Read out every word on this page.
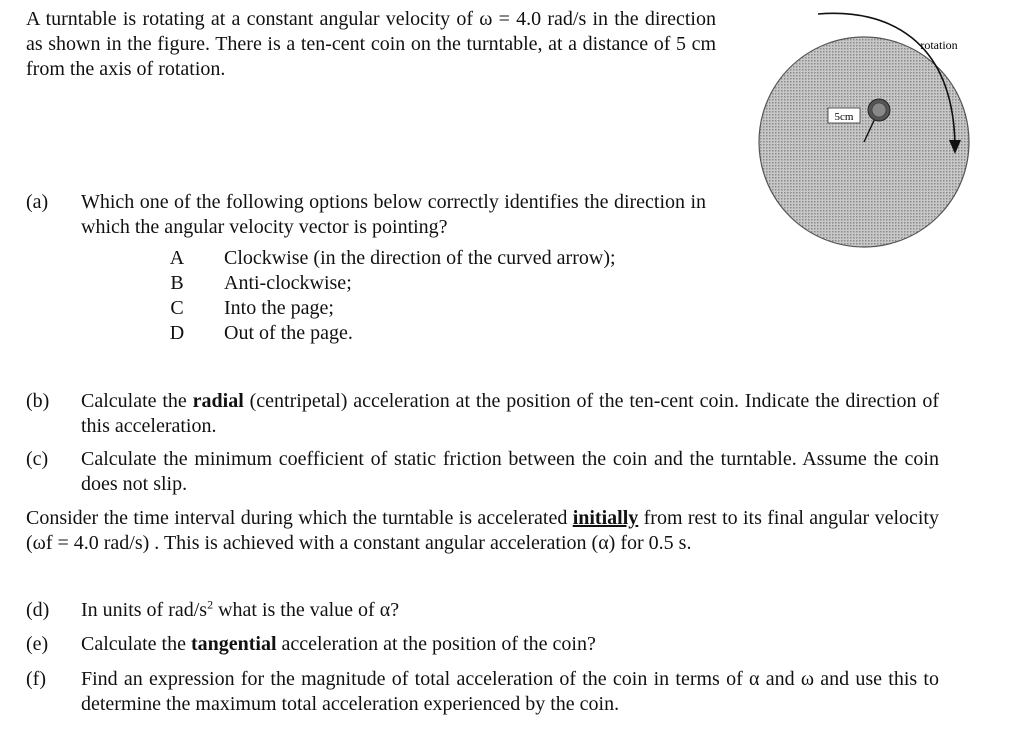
A turntable is rotating at a constant angular velocity of ω = 4.0 rad/s in the direction as shown in the figure. There is a ten-cent coin on the turntable, at a distance of 5 cm from the axis of rotation.

5cm
rotation
(a) Which one of the following options below correctly identifies the direction in which the angular velocity vector is pointing?
A Clockwise (in the direction of the curved arrow);
B Anti-clockwise;
C Into the page;
D Out of the page.
(b) Calculate the radial (centripetal) acceleration at the position of the ten-cent coin. Indicate the direction of this acceleration.
(c) Calculate the minimum coefficient of static friction between the coin and the turntable. Assume the coin does not slip.
Consider the time interval during which the turntable is accelerated initially from rest to its final angular velocity (ωf = 4.0 rad/s) . This is achieved with a constant angular acceleration (α) for 0.5 s.
(d) In units of rad/$s^2$ what is the value of α?
(e) Calculate the tangential acceleration at the position of the coin?
(f) Find an expression for the magnitude of total acceleration of the coin in terms of α and ω and use this to determine the maximum total acceleration experienced by the coin.
